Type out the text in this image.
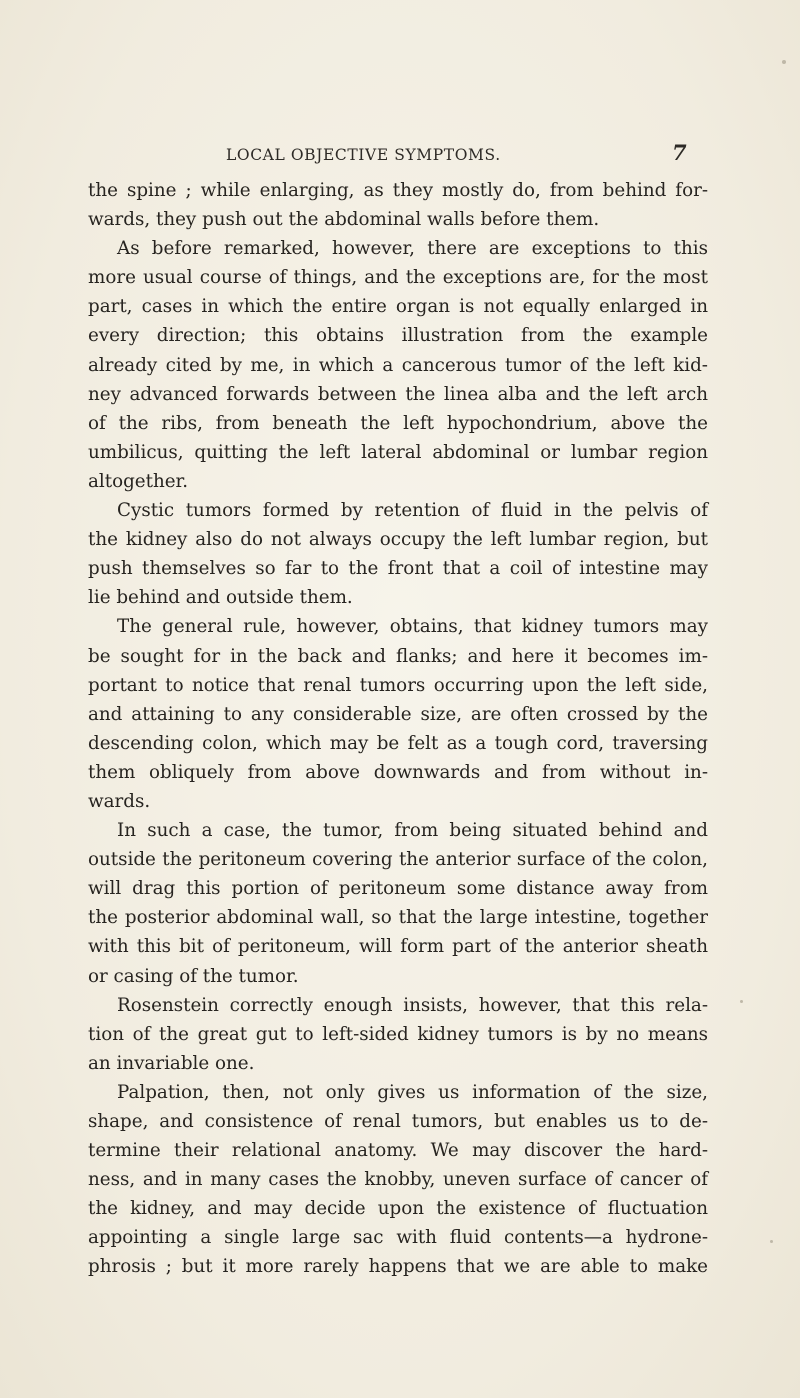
LOCAL OBJECTIVE SYMPTOMS.	7
the spine ; while enlarging, as they mostly do, from behind for-
wards, they push out the abdominal walls before them.
As before remarked, however, there are exceptions to this
more usual course of things, and the exceptions are, for the most
part, cases in which the entire organ is not equally enlarged in
every direction; this obtains illustration from the example
already cited by me, in which a cancerous tumor of the left kid-
ney advanced forwards between the linea alba and the left arch
of the ribs, from beneath the left hypochondrium, above the
umbilicus, quitting the left lateral abdominal or lumbar region
altogether.
Cystic tumors formed by retention of fluid in the pelvis of
the kidney also do not always occupy the left lumbar region, but
push themselves so far to the front that a coil of intestine may
lie behind and outside them.
The general rule, however, obtains, that kidney tumors may
be sought for in the back and flanks; and here it becomes im-
portant to notice that renal tumors occurring upon the left side,
and attaining to any considerable size, are often crossed by the
descending colon, which may be felt as a tough cord, traversing
them obliquely from above downwards and from without in-
wards.
In such a case, the tumor, from being situated behind and
outside the peritoneum covering the anterior surface of the colon,
will drag this portion of peritoneum some distance away from
the posterior abdominal wall, so that the large intestine, together
with this bit of peritoneum, will form part of the anterior sheath
or casing of the tumor.
Rosenstein correctly enough insists, however, that this rela-
tion of the great gut to left-sided kidney tumors is by no means
an invariable one.
Palpation, then, not only gives us information of the size,
shape, and consistence of renal tumors, but enables us to de-
termine their relational anatomy. We may discover the hard-
ness, and in many cases the knobby, uneven surface of cancer of
the kidney, and may decide upon the existence of fluctuation
appointing a single large sac with fluid contents—a hydrone-
phrosis ; but it more rarely happens that we are able to make
